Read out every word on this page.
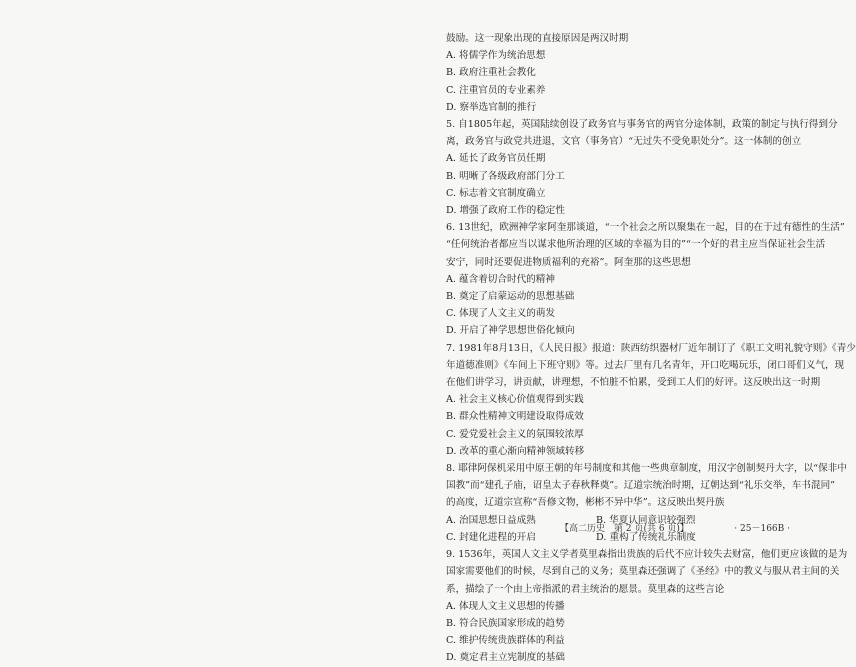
鼓励。这一现象出现的直接原因是两汉时期
A. 将儒学作为统治思想
B. 政府注重社会教化
C. 注重官员的专业素养
D. 察举选官制的推行
5. 自1805年起，英国陆续创设了政务官与事务官的两官分途体制，政策的制定与执行得到分
离，政务官与政党共进退，文官（事务官）“无过失不受免职处分”。这一体制的创立
A. 延长了政务官员任期
B. 明晰了各级政府部门分工
C. 标志着文官制度确立
D. 增强了政府工作的稳定性
6. 13世纪，欧洲神学家阿奎那谈道，“一个社会之所以聚集在一起，目的在于过有德性的生活”
“任何统治者都应当以谋求他所治理的区域的幸福为目的”“一个好的君主应当保证社会生活
安宁，同时还要促进物质福利的充裕”。阿奎那的这些思想
A. 蕴含着切合时代的精神
B. 奠定了启蒙运动的思想基础
C. 体现了人文主义的萌发
D. 开启了神学思想世俗化倾向
7. 1981年8月13日，《人民日报》报道：陕西纺织器材厂近年制订了《职工文明礼貌守则》《青少
年道德准则》《车间上下班守则》等。过去厂里有几名青年，开口吃喝玩乐，闭口哥们义气，现
在他们讲学习，讲贡献，讲理想，不怕脏不怕累，受到工人们的好评。这反映出这一时期
A. 社会主义核心价值观得到实践
B. 群众性精神文明建设取得成效
C. 爱党爱社会主义的氛围较浓厚
D. 改革的重心渐向精神领域转移
8. 耶律阿保机采用中原王朝的年号制度和其他一些典章制度，用汉字创制契丹大字，以“保非中
国教”而“建孔子庙，诏皇太子春秋释奠”。辽道宗统治时期，辽朝达到“礼乐交举，车书混同”
的高度，辽道宗宣称“吾修文物，彬彬不异中华”。这反映出契丹族
A. 治国思想日益成熟	B. 华夏认同意识较强烈
C. 封建化进程的开启	D. 重构了传统礼乐制度
9. 1536年，英国人文主义学者莫里森指出贵族的后代不应计较失去财富，他们更应该做的是为
国家需要他们的时候，尽到自己的义务；莫里森还强调了《圣经》中的教义与服从君主间的关
系，描绘了一个由上帝指派的君主统治的愿景。莫里森的这些言论
A. 体现人文主义思想的传播
B. 符合民族国家形成的趋势
C. 维护传统贵族群体的利益
D. 奠定君主立宪制度的基础
【高二历史　第 2 页(共 6 页)】	· 25－166B ·
